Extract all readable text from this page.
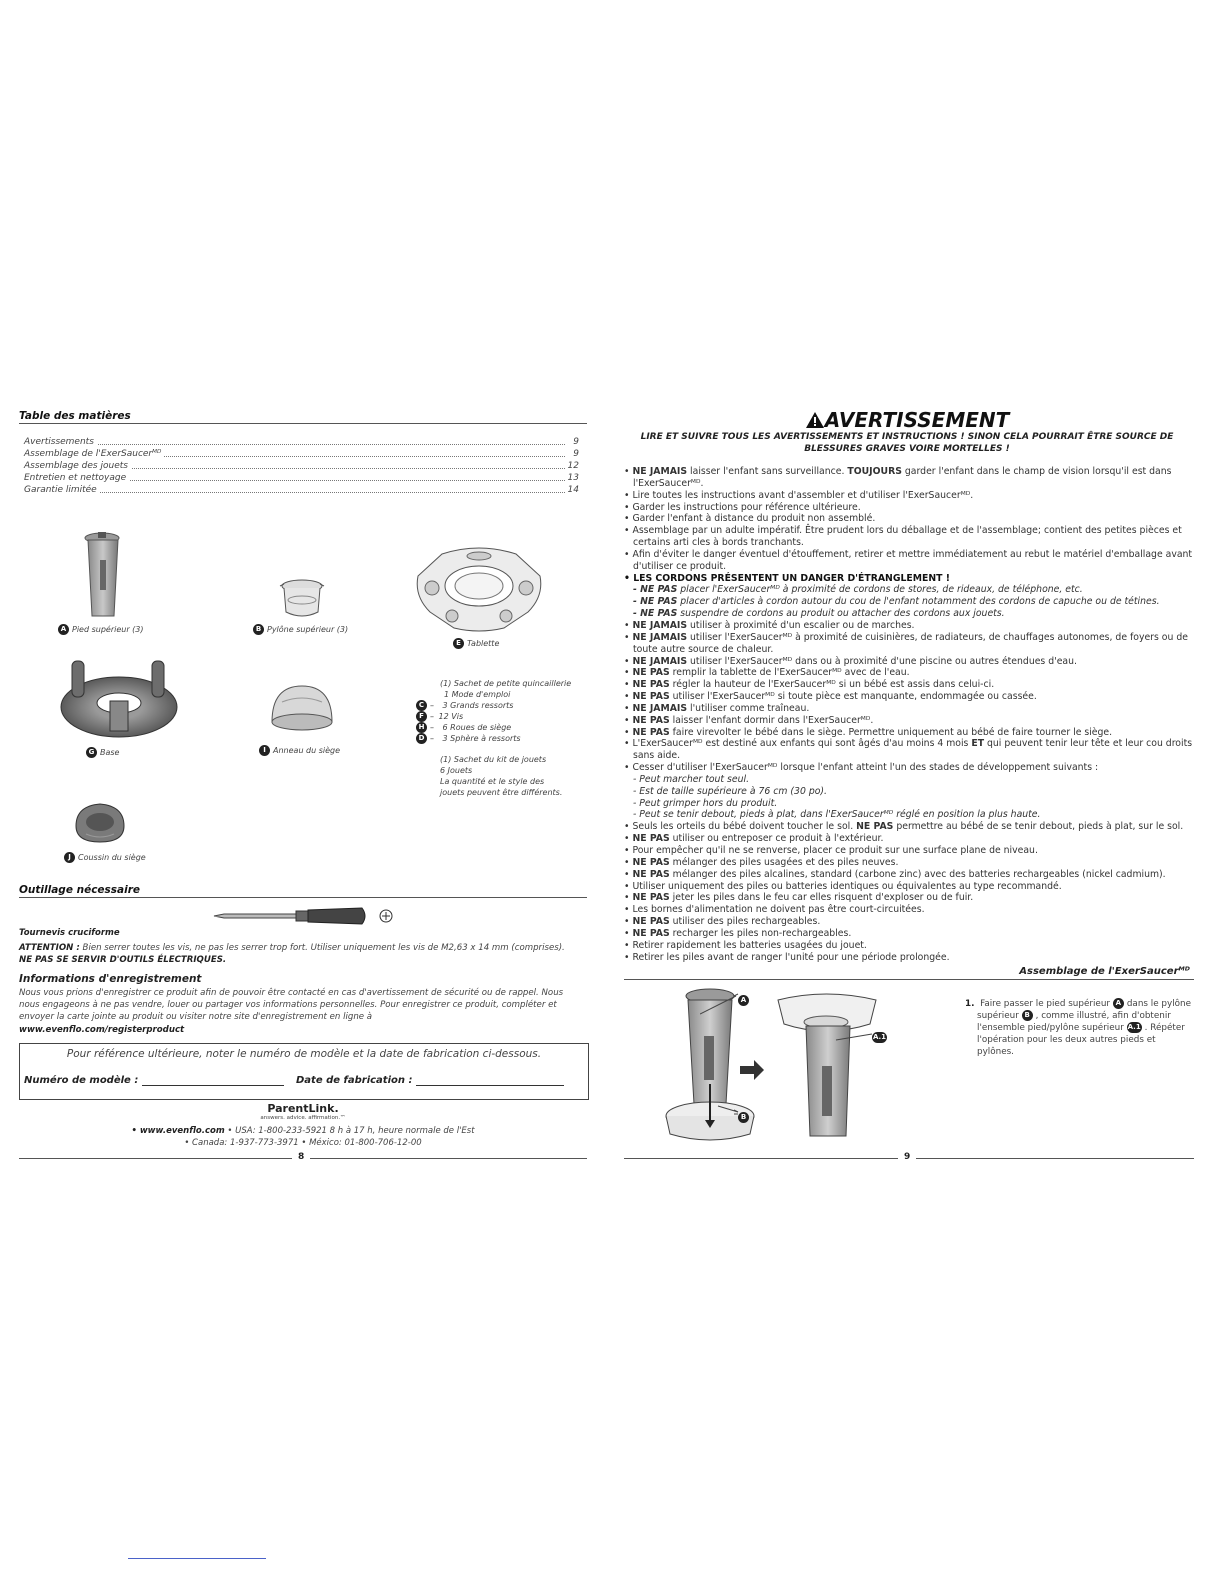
Table des matières
Avertissements	9
Assemblage de l'ExerSaucerᴹᴰ	9
Assemblage des jouets	12
Entretien et nettoyage	13
Garantie limitée	14
A Pied supérieur (3)	B Pylône supérieur (3)
E Tablette
G Base	I Anneau du siège
(1) Sachet de petite quincaillerie
1 Mode d'emploi
C – 3 Grands ressorts
F – 12 Vis
H – 6 Roues de siège
D – 3 Sphère à ressorts
(1) Sachet du kit de jouets
6 Jouets
La quantité et le style des
jouets peuvent être différents.
J Coussin du siège
Outillage nécessaire
Tournevis cruciforme
ATTENTION : Bien serrer toutes les vis, ne pas les serrer trop fort. Utiliser uniquement les vis de M2,63 x 14 mm (comprises).
NE PAS SE SERVIR D'OUTILS ÉLECTRIQUES.
Informations d'enregistrement
Nous vous prions d'enregistrer ce produit afin de pouvoir être contacté en cas d'avertissement de sécurité ou de rappel. Nous
nous engageons à ne pas vendre, louer ou partager vos informations personnelles. Pour enregistrer ce produit, compléter et
envoyer la carte jointe au produit ou visiter notre site d'enregistrement en ligne à
www.evenflo.com/registerproduct
Pour référence ultérieure, noter le numéro de modèle et la date de fabrication ci-dessous.
Numéro de modèle :	Date de fabrication :
ParentLink.
answers. advice. affirmation.™
• www.evenflo.com • USA: 1-800-233-5921 8 h à 17 h, heure normale de l'Est
• Canada: 1-937-773-3971 • México: 01-800-706-12-00
8
AVERTISSEMENT
LIRE ET SUIVRE TOUS LES AVERTISSEMENTS ET INSTRUCTIONS ! SINON CELA POURRAIT ÊTRE SOURCE DE
BLESSURES GRAVES VOIRE MORTELLES !
• NE JAMAIS laisser l'enfant sans surveillance. TOUJOURS garder l'enfant dans le champ de vision lorsqu'il est dans
l'ExerSaucerᴹᴰ.
• Lire toutes les instructions avant d'assembler et d'utiliser l'ExerSaucerᴹᴰ.
• Garder les instructions pour référence ultérieure.
• Garder l'enfant à distance du produit non assemblé.
• Assemblage par un adulte impératif. Être prudent lors du déballage et de l'assemblage; contient des petites pièces et
certains arti cles à bords tranchants.
• Afin d'éviter le danger éventuel d'étouffement, retirer et mettre immédiatement au rebut le matériel d'emballage avant
d'utiliser ce produit.
• LES CORDONS PRÉSENTENT UN DANGER D'ÉTRANGLEMENT !
- NE PAS placer l'ExerSaucerᴹᴰ à proximité de cordons de stores, de rideaux, de téléphone, etc.
- NE PAS placer d'articles à cordon autour du cou de l'enfant notamment des cordons de capuche ou de tétines.
- NE PAS suspendre de cordons au produit ou attacher des cordons aux jouets.
• NE JAMAIS utiliser à proximité d'un escalier ou de marches.
• NE JAMAIS utiliser l'ExerSaucerᴹᴰ à proximité de cuisinières, de radiateurs, de chauffages autonomes, de foyers ou de
toute autre source de chaleur.
• NE JAMAIS utiliser l'ExerSaucerᴹᴰ dans ou à proximité d'une piscine ou autres étendues d'eau.
• NE PAS remplir la tablette de l'ExerSaucerᴹᴰ avec de l'eau.
• NE PAS régler la hauteur de l'ExerSaucerᴹᴰ si un bébé est assis dans celui-ci.
• NE PAS utiliser l'ExerSaucerᴹᴰ si toute pièce est manquante, endommagée ou cassée.
• NE JAMAIS l'utiliser comme traîneau.
• NE PAS laisser l'enfant dormir dans l'ExerSaucerᴹᴰ.
• NE PAS faire virevolter le bébé dans le siège. Permettre uniquement au bébé de faire tourner le siège.
• L'ExerSaucerᴹᴰ est destiné aux enfants qui sont âgés d'au moins 4 mois ET qui peuvent tenir leur tête et leur cou droits
sans aide.
• Cesser d'utiliser l'ExerSaucerᴹᴰ lorsque l'enfant atteint l'un des stades de développement suivants :
- Peut marcher tout seul.
- Est de taille supérieure à 76 cm (30 po).
- Peut grimper hors du produit.
- Peut se tenir debout, pieds à plat, dans l'ExerSaucerᴹᴰ réglé en position la plus haute.
• Seuls les orteils du bébé doivent toucher le sol. NE PAS permettre au bébé de se tenir debout, pieds à plat, sur le sol.
• NE PAS utiliser ou entreposer ce produit à l'extérieur.
• Pour empêcher qu'il ne se renverse, placer ce produit sur une surface plane de niveau.
• NE PAS mélanger des piles usagées et des piles neuves.
• NE PAS mélanger des piles alcalines, standard (carbone zinc) avec des batteries rechargeables (nickel cadmium).
• Utiliser uniquement des piles ou batteries identiques ou équivalentes au type recommandé.
• NE PAS jeter les piles dans le feu car elles risquent d'exploser ou de fuir.
• Les bornes d'alimentation ne doivent pas être court-circuitées.
• NE PAS utiliser des piles rechargeables.
• NE PAS recharger les piles non-rechargeables.
• Retirer rapidement les batteries usagées du jouet.
• Retirer les piles avant de ranger l'unité pour une période prolongée.
Assemblage de l'ExerSaucerᴹᴰ
A
A.1
B
1. Faire passer le pied supérieur A dans le pylône
supérieur B , comme illustré, afin d'obtenir
l'ensemble pied/pylône supérieur A.1 . Répéter
l'opération pour les deux autres pieds et
pylônes.
9
